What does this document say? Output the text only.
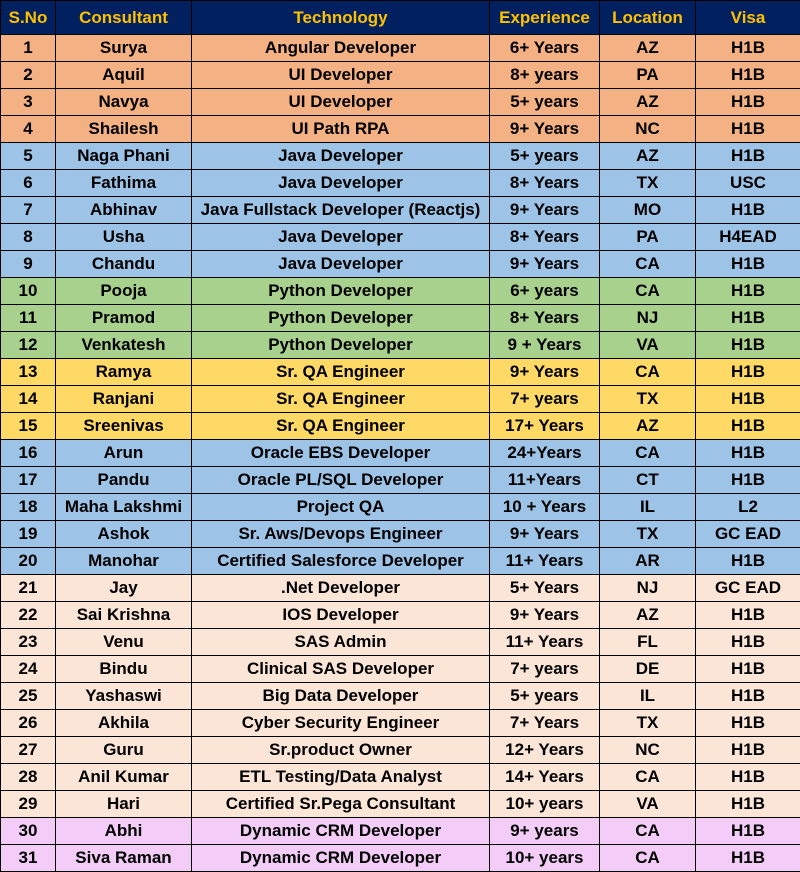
S.No	Consultant	Technology	Experience	Location	Visa
1	Surya	Angular Developer	6+ Years	AZ	H1B
2	Aquil	UI Developer	8+ years	PA	H1B
3	Navya	UI Developer	5+ years	AZ	H1B
4	Shailesh	UI Path RPA	9+ Years	NC	H1B
5	Naga Phani	Java Developer	5+ years	AZ	H1B
6	Fathima	Java Developer	8+ Years	TX	USC
7	Abhinav	Java Fullstack Developer (Reactjs)	9+ Years	MO	H1B
8	Usha	Java Developer	8+ Years	PA	H4EAD
9	Chandu	Java Developer	9+ Years	CA	H1B
10	Pooja	Python Developer	6+ years	CA	H1B
11	Pramod	Python Developer	8+ Years	NJ	H1B
12	Venkatesh	Python Developer	9 + Years	VA	H1B
13	Ramya	Sr. QA Engineer	9+ Years	CA	H1B
14	Ranjani	Sr. QA Engineer	7+ years	TX	H1B
15	Sreenivas	Sr. QA Engineer	17+ Years	AZ	H1B
16	Arun	Oracle EBS Developer	24+Years	CA	H1B
17	Pandu	Oracle PL/SQL Developer	11+Years	CT	H1B
18	Maha Lakshmi	Project QA	10 + Years	IL	L2
19	Ashok	Sr. Aws/Devops Engineer	9+ Years	TX	GC EAD
20	Manohar	Certified Salesforce Developer	11+ Years	AR	H1B
21	Jay	.Net Developer	5+ Years	NJ	GC EAD
22	Sai Krishna	IOS Developer	9+ Years	AZ	H1B
23	Venu	SAS Admin	11+ Years	FL	H1B
24	Bindu	Clinical SAS Developer	7+ years	DE	H1B
25	Yashaswi	Big Data Developer	5+ years	IL	H1B
26	Akhila	Cyber Security Engineer	7+ Years	TX	H1B
27	Guru	Sr.product Owner	12+ Years	NC	H1B
28	Anil Kumar	ETL Testing/Data Analyst	14+ Years	CA	H1B
29	Hari	Certified Sr.Pega Consultant	10+ years	VA	H1B
30	Abhi	Dynamic CRM Developer	9+ years	CA	H1B
31	Siva Raman	Dynamic CRM Developer	10+ years	CA	H1B
